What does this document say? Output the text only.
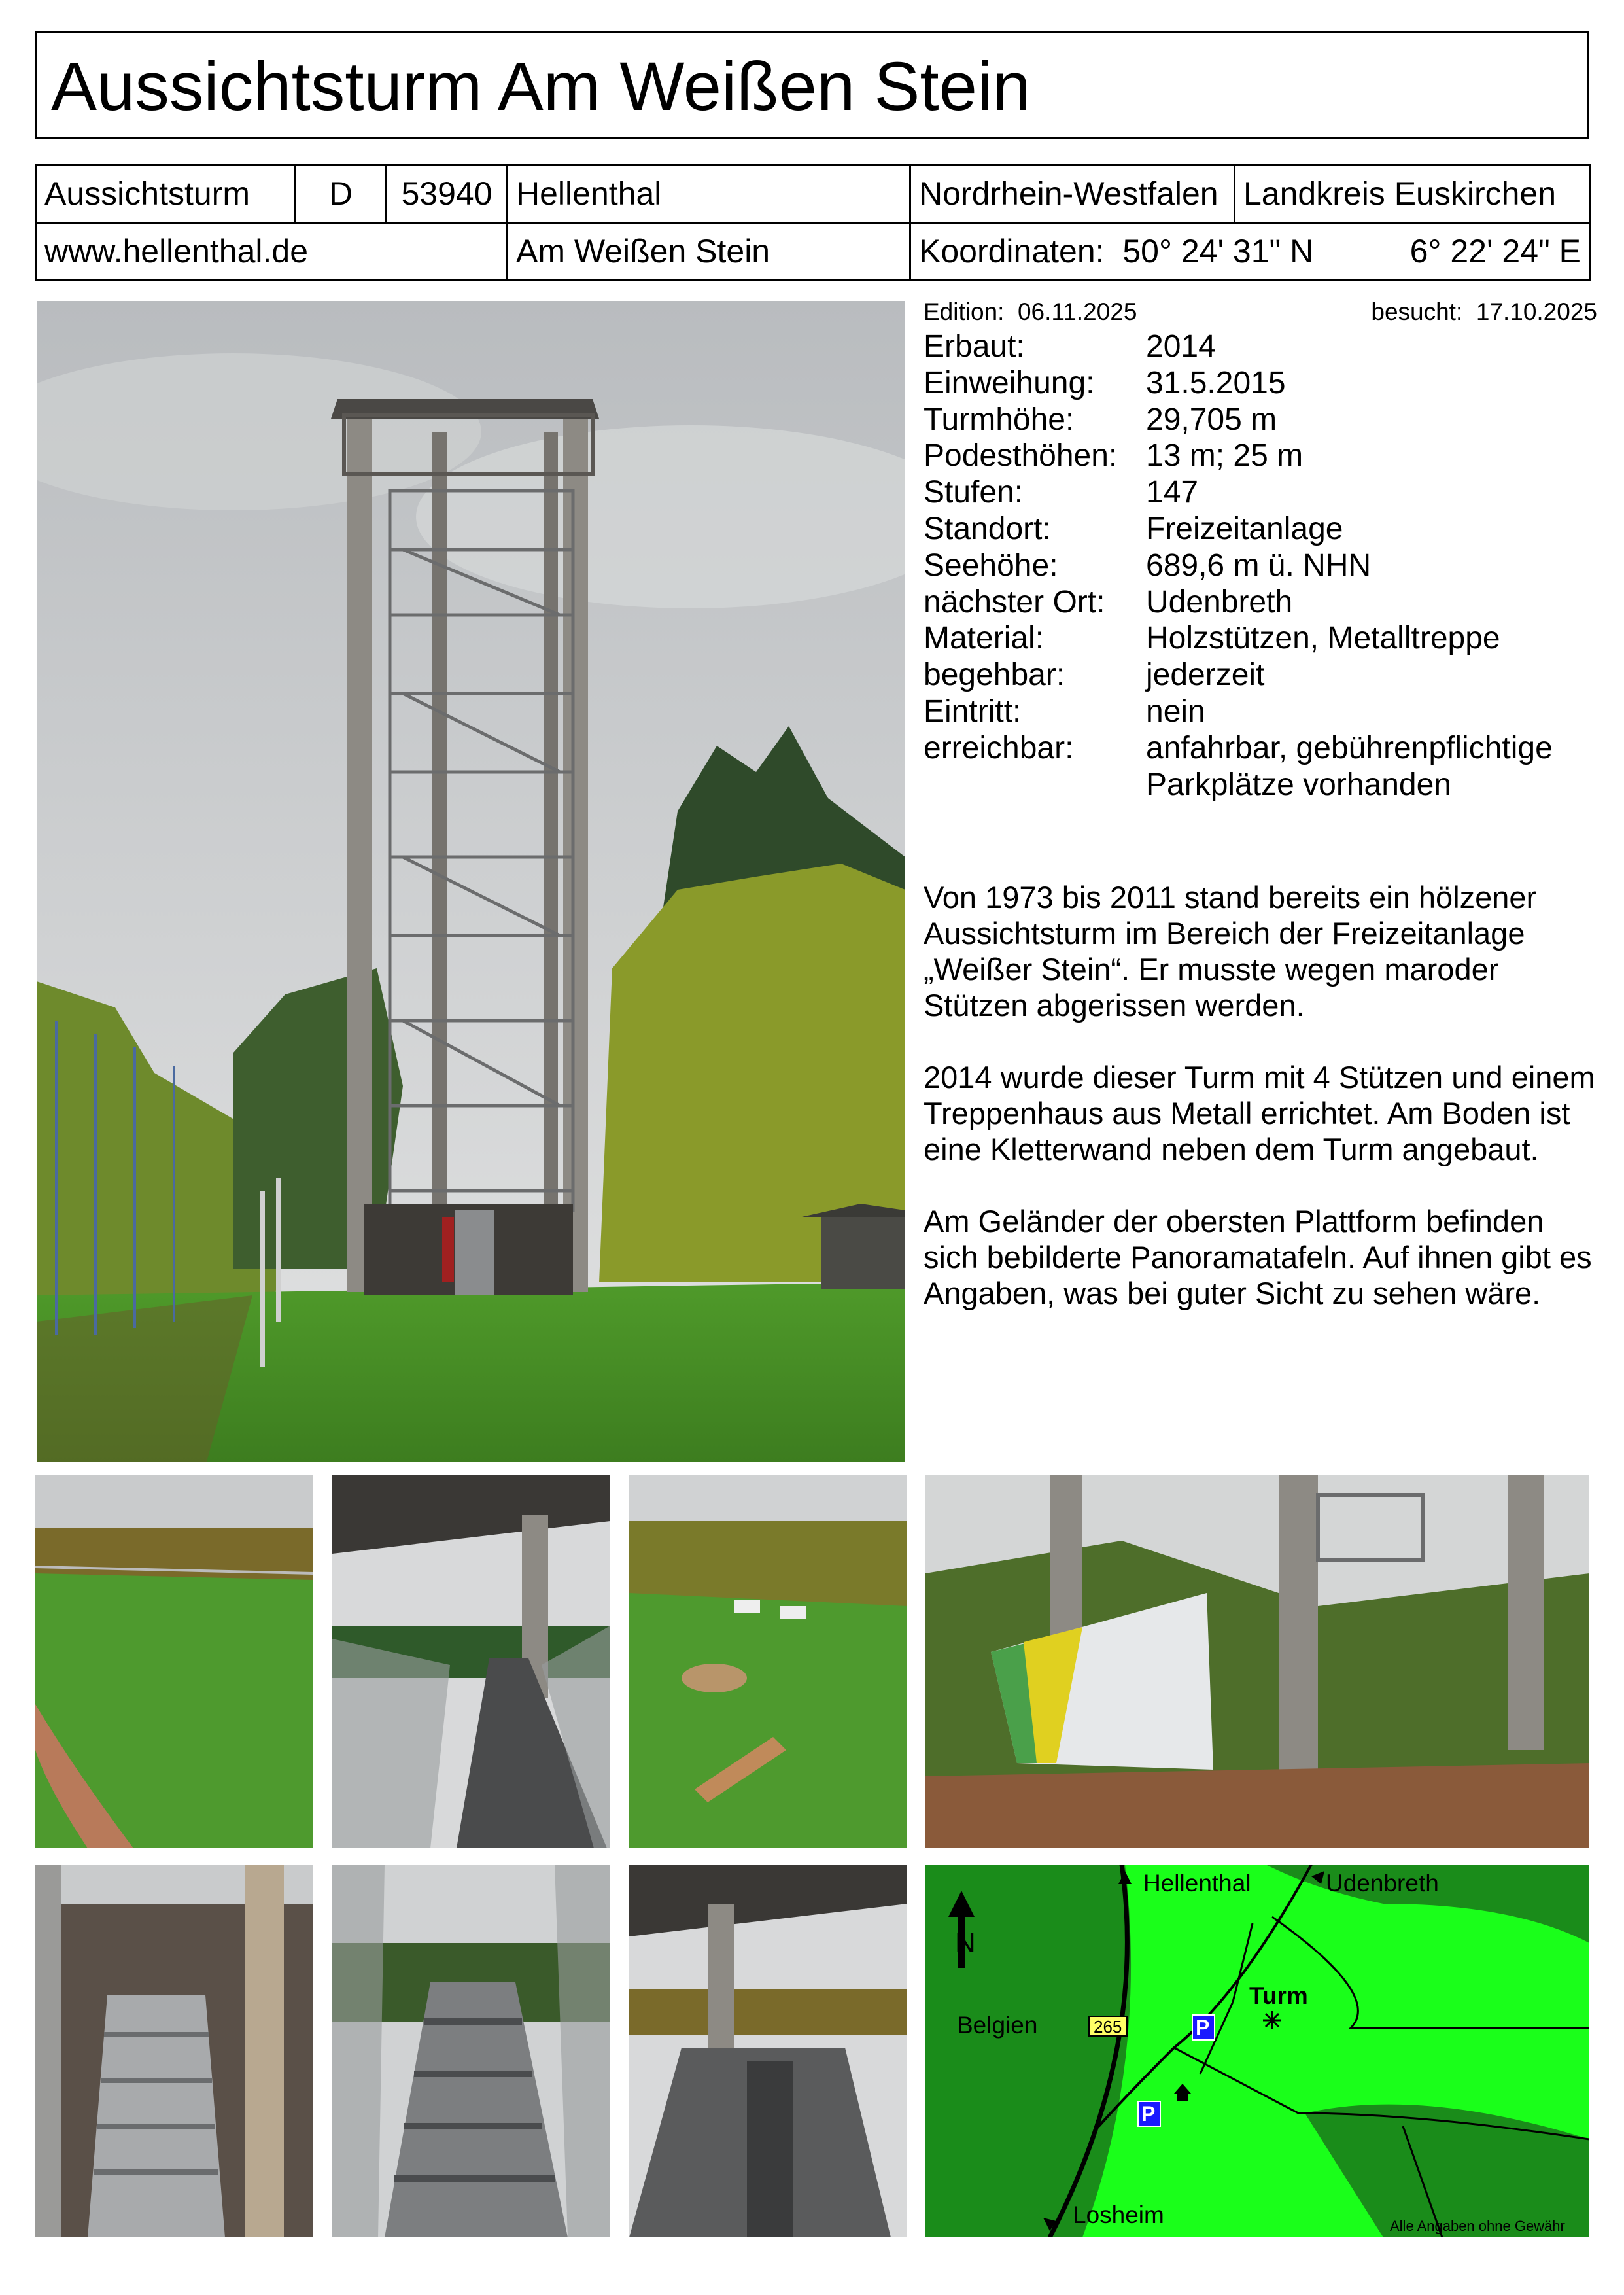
Aussichtsturm Am Weißen Stein
Aussichtsturm	D	53940	Hellenthal	Nordrhein-Westfalen	Landkreis Euskirchen
www.hellenthal.de			Am Weißen Stein	Koordinaten: 50° 24' 31" N 6° 22' 24" E	
Edition: 06.11.2025	besucht: 17.10.2025
Erbaut:	2014
Einweihung:	31.5.2015
Turmhöhe:	29,705 m
Podesthöhen: 13 m; 25 m
Stufen:	147
Standort:	Freizeitanlage
Seehöhe:	689,6 m ü. NHN
nächster Ort:	Udenbreth
Material:	Holzstützen, Metalltreppe
begehbar:	jederzeit
Eintritt:	nein
erreichbar:	anfahrbar, gebührenpflichtige Parkplätze vorhanden
Von 1973 bis 2011 stand bereits ein hölzener Aussichtsturm im Bereich der Freizeitanlage „Weißer Stein“. Er musste wegen maroder Stützen abgerissen werden.
2014 wurde dieser Turm mit 4 Stützen und einem Treppenhaus aus Metall errichtet. Am Boden ist eine Kletterwand neben dem Turm angebaut.
Am Geländer der obersten Plattform befinden sich bebilderte Panoramatafeln. Auf ihnen gibt es Angaben, was bei guter Sicht zu sehen wäre.
N
Hellenthal	Udenbreth
Belgien	265	P
P
Turm
Losheim	Alle Angaben ohne Gewähr
